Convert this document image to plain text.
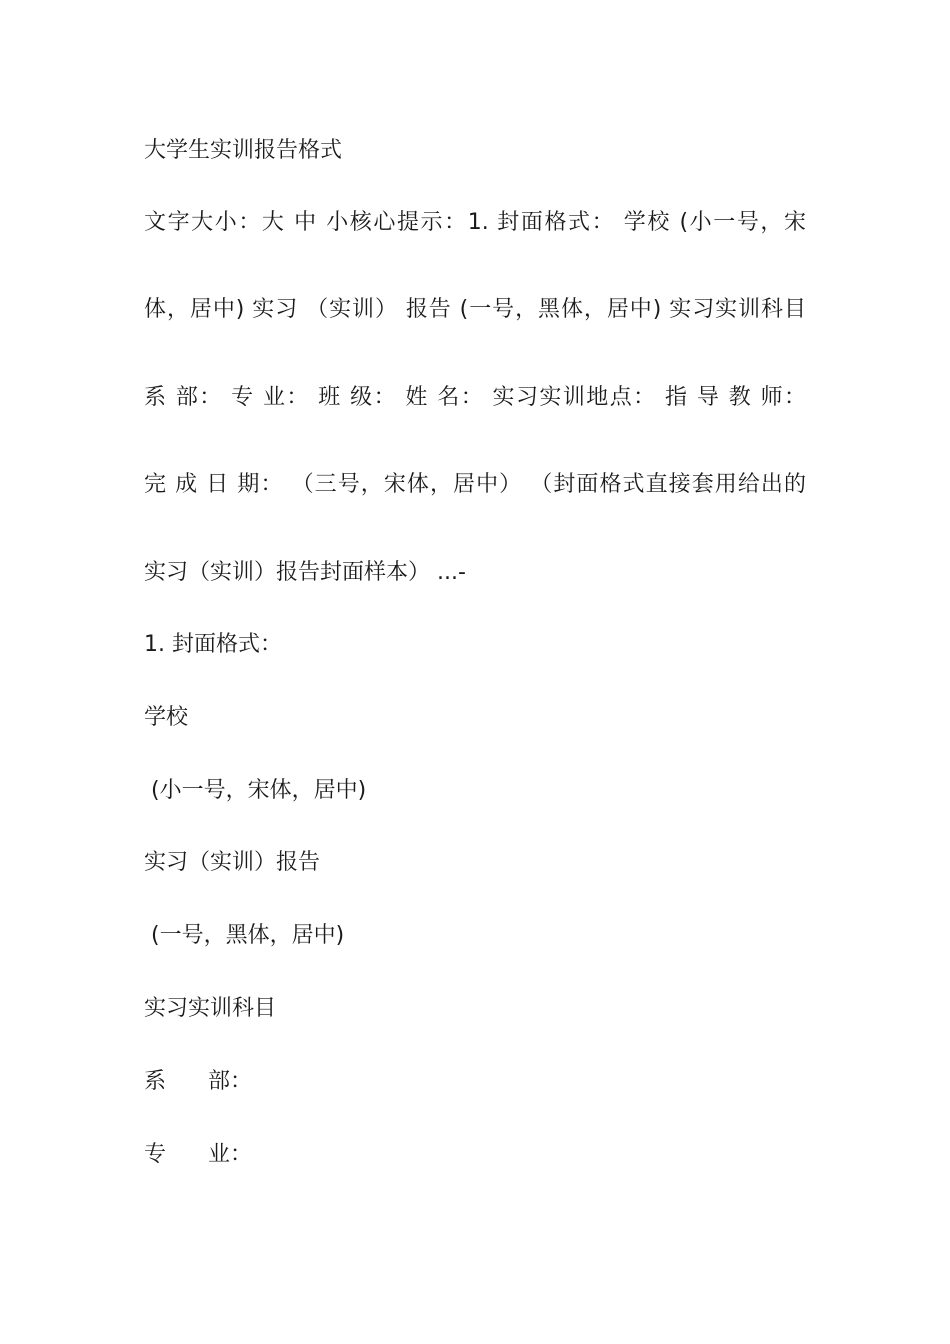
大学生实训报告格式
文字大小：大 中 小核心提示：1. 封面格式： 学校 (小一号，宋
体，居中) 实习 （实训） 报告 (一号，黑体，居中) 实习实训科目
系 部： 专 业： 班 级： 姓 名： 实习实训地点： 指 导 教 师：
完 成 日 期： （三号，宋体，居中） （封面格式直接套用给出的
实习（实训）报告封面样本） ...-
1. 封面格式：
学校
(小一号，宋体，居中)
实习（实训）报告
(一号，黑体，居中)
实习实训科目
系      部：
专      业：
